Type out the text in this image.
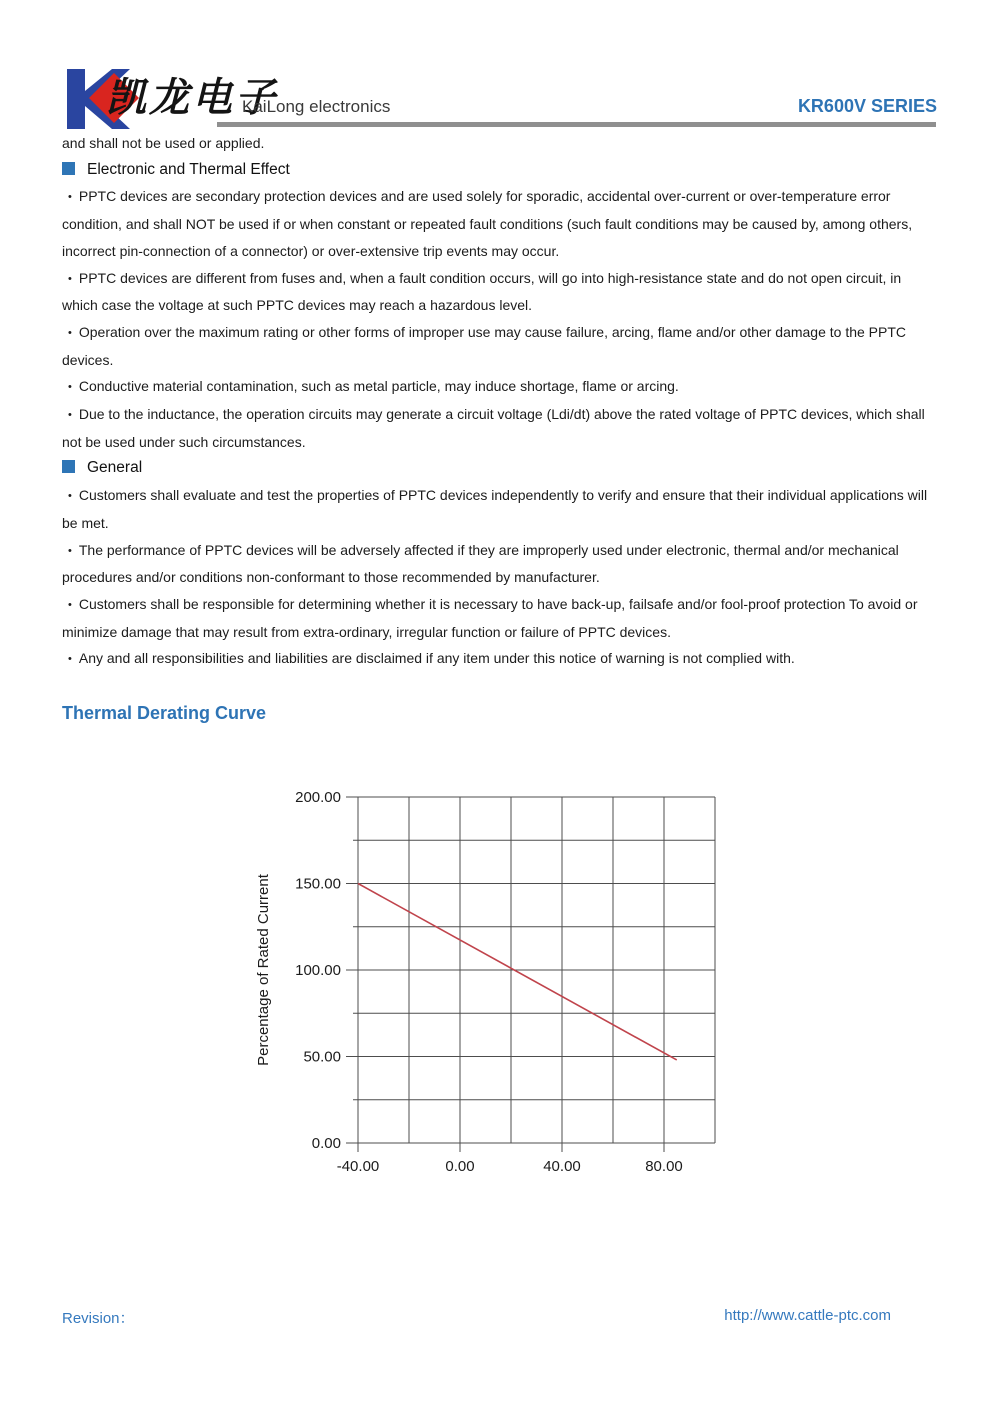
凯龙电子
KaiLong electronics	KR600V SERIES

and shall not be used or applied.

Electronic and Thermal Effect

• PPTC devices are secondary protection devices and are used solely for sporadic, accidental over-current or over-temperature error condition, and shall NOT be used if or when constant or repeated fault conditions (such fault conditions may be caused by, among others, incorrect pin-connection of a connector) or over-extensive trip events may occur.

• PPTC devices are different from fuses and, when a fault condition occurs, will go into high-resistance state and do not open circuit, in which case the voltage at such PPTC devices may reach a hazardous level.

• Operation over the maximum rating or other forms of improper use may cause failure, arcing, flame and/or other damage to the PPTC devices.

• Conductive material contamination, such as metal particle, may induce shortage, flame or arcing.

• Due to the inductance, the operation circuits may generate a circuit voltage (Ldi/dt) above the rated voltage of PPTC devices, which shall not be used under such circumstances.

General

• Customers shall evaluate and test the properties of PPTC devices independently to verify and ensure that their individual applications will be met.

• The performance of PPTC devices will be adversely affected if they are improperly used under electronic, thermal and/or mechanical procedures and/or conditions non-conformant to those recommended by manufacturer.

• Customers shall be responsible for determining whether it is necessary to have back-up, failsafe and/or fool-proof protection To avoid or minimize damage that may result from extra-ordinary, irregular function or failure of PPTC devices.

• Any and all responsibilities and liabilities are disclaimed if any item under this notice of warning is not complied with.

Thermal Derating Curve
0.00
50.00
100.00
150.00
200.00
-40.00	0.00	40.00	80.00
Percentage of Rated Current
Revision：	http://www.cattle-ptc.com
